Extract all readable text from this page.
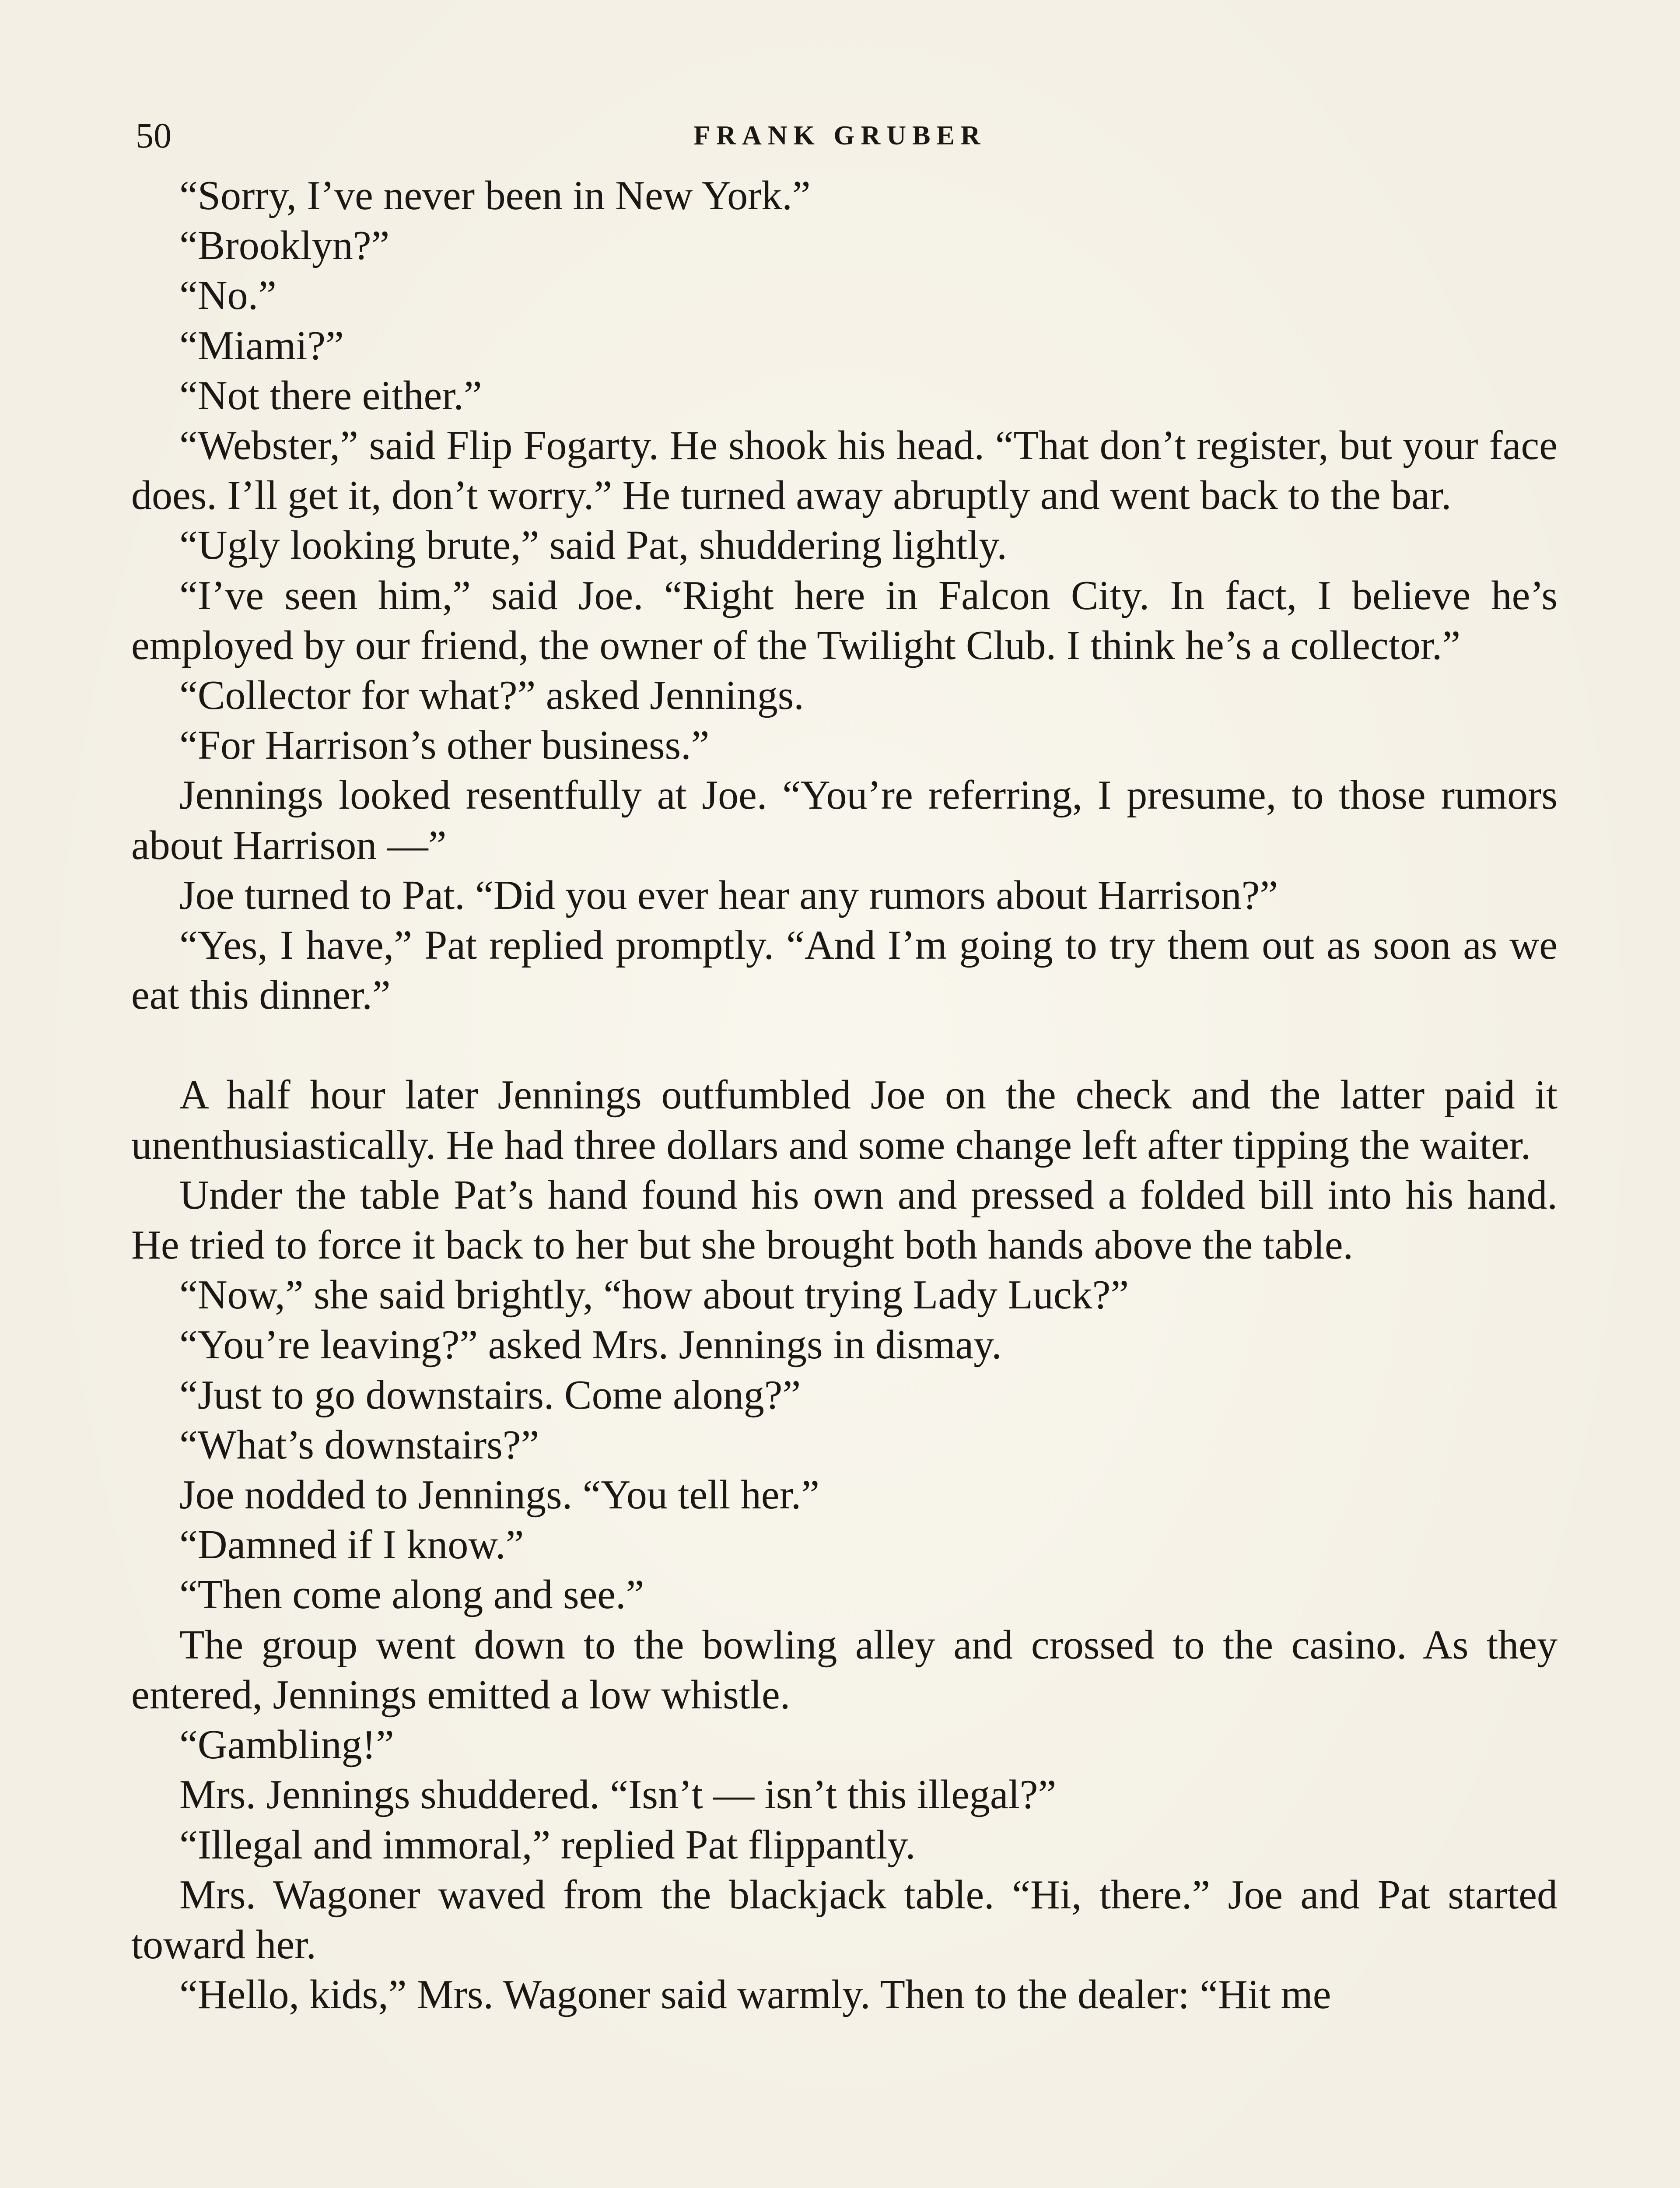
50	FRANK GRUBER

“Sorry, I’ve never been in New York.”

“Brooklyn?”

“No.”

“Miami?”

“Not there either.”

“Webster,” said Flip Fogarty. He shook his head. “That don’t register, but your face does. I’ll get it, don’t worry.” He turned away abruptly and went back to the bar.

“Ugly looking brute,” said Pat, shuddering lightly.

“I’ve seen him,” said Joe. “Right here in Falcon City. In fact, I believe he’s employed by our friend, the owner of the Twilight Club. I think he’s a collector.”

“Collector for what?” asked Jennings.

“For Harrison’s other business.”

Jennings looked resentfully at Joe. “You’re referring, I presume, to those rumors about Harrison —”

Joe turned to Pat. “Did you ever hear any rumors about Harrison?”

“Yes, I have,” Pat replied promptly. “And I’m going to try them out as soon as we eat this dinner.”

A half hour later Jennings outfumbled Joe on the check and the latter paid it unenthusiastically. He had three dollars and some change left after tipping the waiter.

Under the table Pat’s hand found his own and pressed a folded bill into his hand. He tried to force it back to her but she brought both hands above the table.

“Now,” she said brightly, “how about trying Lady Luck?”

“You’re leaving?” asked Mrs. Jennings in dismay.

“Just to go downstairs. Come along?”

“What’s downstairs?”

Joe nodded to Jennings. “You tell her.”

“Damned if I know.”

“Then come along and see.”

The group went down to the bowling alley and crossed to the casino. As they entered, Jennings emitted a low whistle.

“Gambling!”

Mrs. Jennings shuddered. “Isn’t — isn’t this illegal?”

“Illegal and immoral,” replied Pat flippantly.

Mrs. Wagoner waved from the blackjack table. “Hi, there.” Joe and Pat started toward her.

“Hello, kids,” Mrs. Wagoner said warmly. Then to the dealer: “Hit me
